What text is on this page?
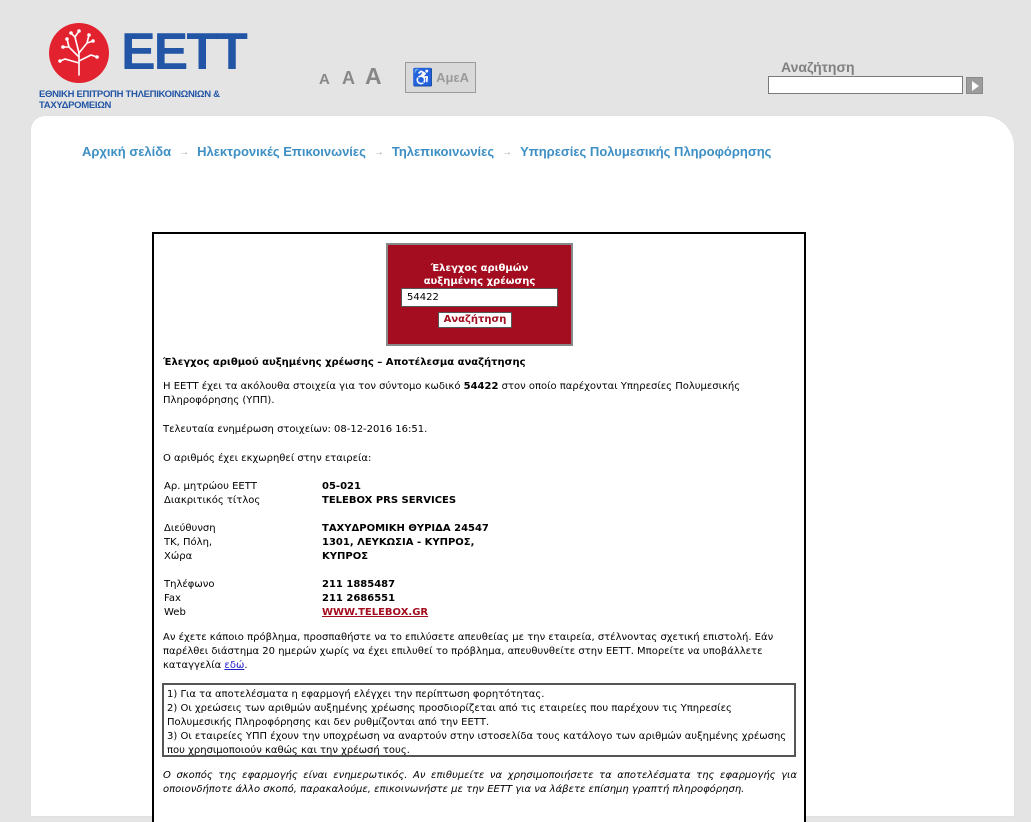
ΕΕΤΤ
ΕΘΝΙΚΗ ΕΠΙΤΡΟΠΗ ΤΗΛΕΠΙΚΟΙΝΩΝΙΩΝ & ΤΑΧΥΔΡΟΜΕΙΩΝ
A A A ♿ ΑμεΑ
Αναζήτηση
Αρχική σελίδα → Ηλεκτρονικές Επικοινωνίες → Τηλεπικοινωνίες → Υπηρεσίες Πολυμεσικής Πληροφόρησης
Έλεγχος αριθμών
αυξημένης χρέωσης
54422
Αναζήτηση
Έλεγχος αριθμού αυξημένης χρέωσης – Αποτέλεσμα αναζήτησης
Η ΕΕΤΤ έχει τα ακόλουθα στοιχεία για τον σύντομο κωδικό 54422 στον οποίο παρέχονται Υπηρεσίες Πολυμεσικής Πληροφόρησης (ΥΠΠ).
Τελευταία ενημέρωση στοιχείων: 08-12-2016 16:51.
Ο αριθμός έχει εκχωρηθεί στην εταιρεία:
Αρ. μητρώου ΕΕΤΤ	05-021
Διακριτικός τίτλος	TELEBOX PRS SERVICES
Διεύθυνση	ΤΑΧΥΔΡΟΜΙΚΗ ΘΥΡΙΔΑ 24547
ΤΚ, Πόλη,	1301, ΛΕΥΚΩΣΙΑ - ΚΥΠΡΟΣ,
Χώρα	ΚΥΠΡΟΣ
Τηλέφωνο	211 1885487
Fax	211 2686551
Web	WWW.TELEBOX.GR
Αν έχετε κάποιο πρόβλημα, προσπαθήστε να το επιλύσετε απευθείας με την εταιρεία, στέλνοντας σχετική επιστολή. Εάν παρέλθει διάστημα 20 ημερών χωρίς να έχει επιλυθεί το πρόβλημα, απευθυνθείτε στην ΕΕΤΤ. Μπορείτε να υποβάλλετε καταγγελία εδώ.
1) Για τα αποτελέσματα η εφαρμογή ελέγχει την περίπτωση φορητότητας.
2) Οι χρεώσεις των αριθμών αυξημένης χρέωσης προσδιορίζεται από τις εταιρείες που παρέχουν τις Υπηρεσίες Πολυμεσικής Πληροφόρησης και δεν ρυθμίζονται από την ΕΕΤΤ.
3) Οι εταιρείες ΥΠΠ έχουν την υποχρέωση να αναρτούν στην ιστοσελίδα τους κατάλογο των αριθμών αυξημένης χρέωσης που χρησιμοποιούν καθώς και την χρέωσή τους.
Ο σκοπός της εφαρμογής είναι ενημερωτικός. Αν επιθυμείτε να χρησιμοποιήσετε τα αποτελέσματα της εφαρμογής για οποιονδήποτε άλλο σκοπό, παρακαλούμε, επικοινωνήστε με την ΕΕΤΤ για να λάβετε επίσημη γραπτή πληροφόρηση.
